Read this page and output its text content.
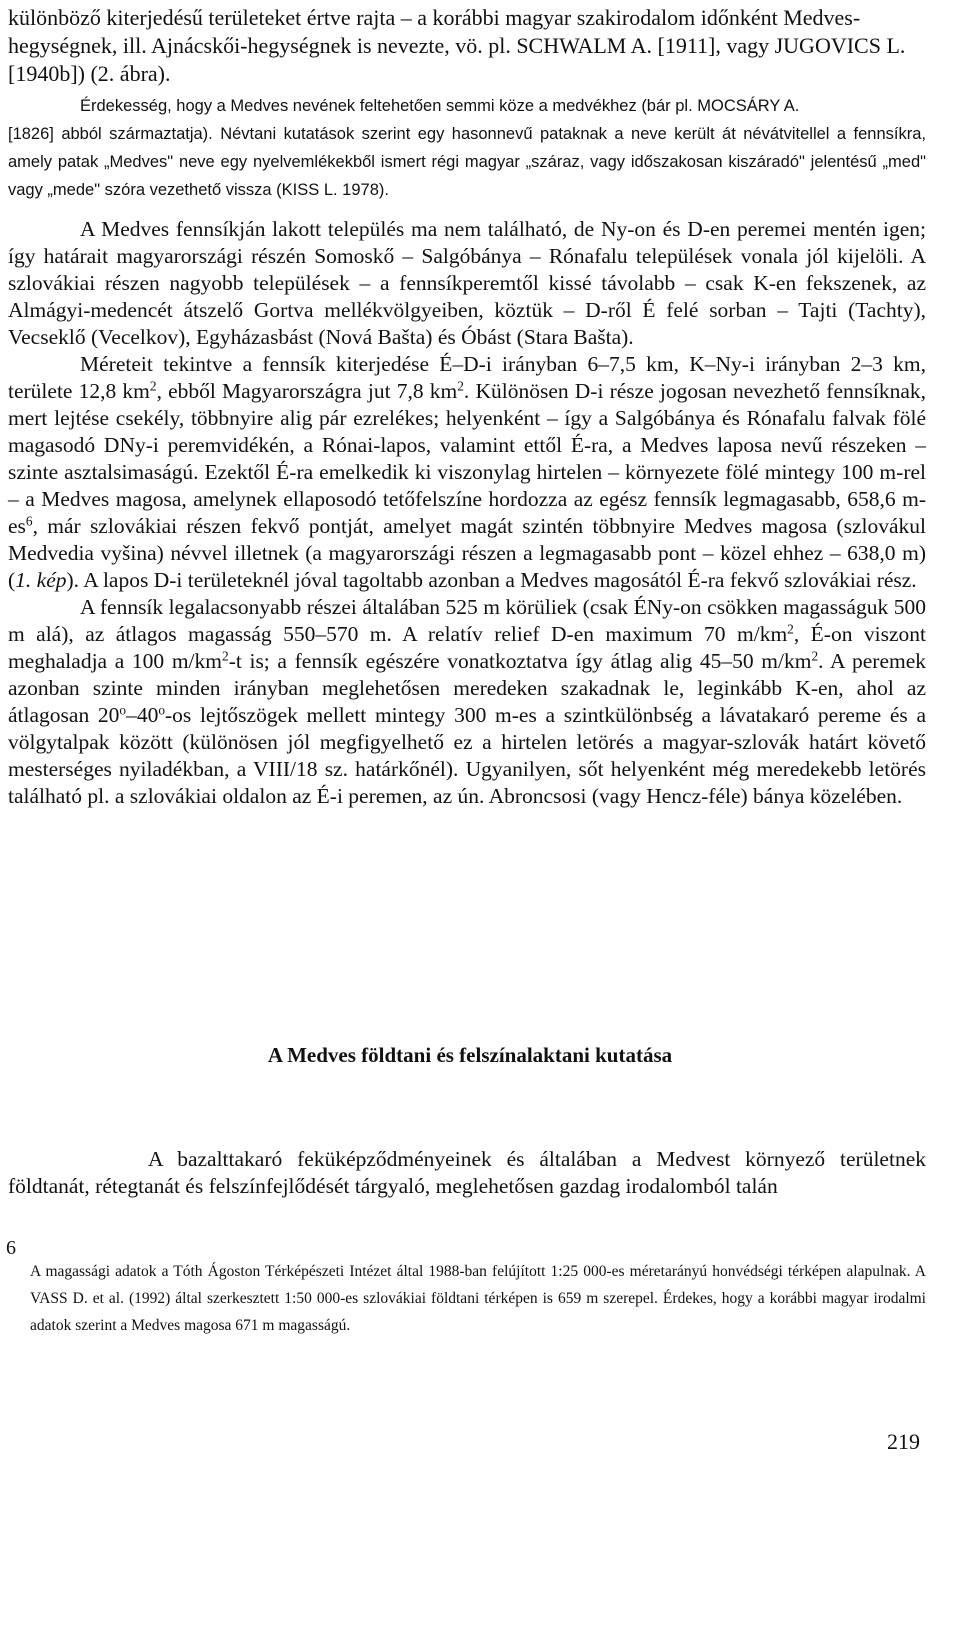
különböző kiterjedésű területeket értve rajta – a korábbi magyar szakirodalom időnként Medves-hegységnek, ill. Ajnácskői-hegységnek is nevezte, vö. pl. SCHWALM A. [1911], vagy JUGOVICS L. [1940b]) (2. ábra).

Érdekesség, hogy a Medves nevének feltehetően semmi köze a medvékhez (bár pl. MOCSÁRY A.
[1826] abból származtatja). Névtani kutatások szerint egy hasonnevű pataknak a neve került át névátvitellel a fennsíkra, amely patak „Medves" neve egy nyelvemlékekből ismert régi magyar „száraz, vagy időszakosan kiszáradó" jelentésű „med" vagy „mede" szóra vezethető vissza (KISS L. 1978).

A Medves fennsíkján lakott település ma nem található, de Ny-on és D-en peremei mentén igen; így határait magyarországi részén Somoskő – Salgóbánya – Rónafalu települések vonala jól kijelöli. A szlovákiai részen nagyobb települések – a fennsíkperemtől kissé távolabb – csak K-en fekszenek, az Almágyi-medencét átszelő Gortva mellékvölgyeiben, köztük – D-ről É felé sorban – Tajti (Tachty), Vecseklő (Vecelkov), Egyházasbást (Nová Bašta) és Óbást (Stara Bašta).

Méreteit tekintve a fennsík kiterjedése É–D-i irányban 6–7,5 km, K–Ny-i irányban 2–3 km, területe 12,8 $km^2$, ebből Magyarországra jut 7,8 $km^2$. Különösen D-i része jogosan nevezhető fennsíknak, mert lejtése csekély, többnyire alig pár ezrelékes; helyenként – így a Salgóbánya és Rónafalu falvak fölé magasodó DNy-i peremvidékén, a Rónai-lapos, valamint ettől É-ra, a Medves laposa nevű részeken – szinte asztalsimaságú. Ezektől É-ra emelkedik ki viszonylag hirtelen – környezete fölé mintegy 100 m-rel – a Medves magosa, amelynek ellaposodó tetőfelszíne hordozza az egész fennsík legmagasabb, 658,6 $m-es^6$, már szlovákiai részen fekvő pontját, amelyet magát szintén többnyire Medves magosa (szlovákul Medvedia vyšina) névvel illetnek (a magyarországi részen a legmagasabb pont – közel ehhez – 638,0 m) (1. kép). A lapos D-i területeknél jóval tagoltabb azonban a Medves magosától É-ra fekvő szlovákiai rész.

A fennsík legalacsonyabb részei általában 525 m körüliek (csak ÉNy-on csökken magasságuk 500 m alá), az átlagos magasság 550–570 m. A relatív relief D-en maximum 70 $m/km^2$, É-on viszont meghaladja a 100 $m/km^2-t$ is; a fennsík egészére vonatkoztatva így átlag alig 45–50 $m/km^2$. A peremek azonban szinte minden irányban meglehetősen meredeken szakadnak le, leginkább K-en, ahol az átlagosan 20$^o$–40$^o$-os lejtőszögek mellett mintegy 300 m-es a szintkülönbség a lávatakaró pereme és a völgytalpak között (különösen jól megfigyelhető ez a hirtelen letörés a magyar-szlovák határt követő mesterséges nyiladékban, a VIII/18 sz. határkőnél). Ugyanilyen, sőt helyenként még meredekebb letörés található pl. a szlovákiai oldalon az É-i peremen, az ún. Abroncsosi (vagy Hencz-féle) bánya közelében.

A Medves földtani és felszínalaktani kutatása

A bazalttakaró feküképződményeinek és általában a Medvest környező területnek földtanát, rétegtanát és felszínfejlődését tárgyaló, meglehetősen gazdag irodalomból talán

6

A magassági adatok a Tóth Ágoston Térképészeti Intézet által 1988-ban felújított 1:25 000-es méretarányú honvédségi térképen alapulnak. A VASS D. et al. (1992) által szerkesztett 1:50 000-es szlovákiai földtani térképen is 659 m szerepel. Érdekes, hogy a korábbi magyar irodalmi adatok szerint a Medves magosa 671 m magasságú.

219
